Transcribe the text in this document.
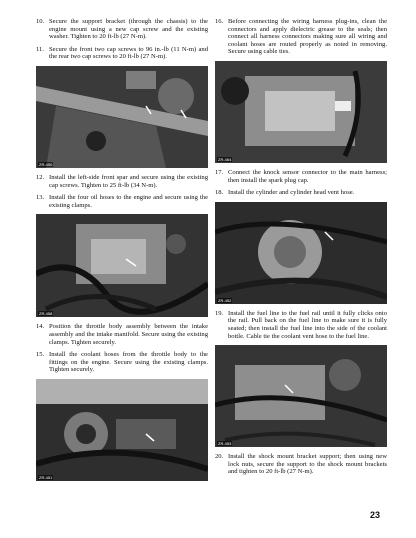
10. Secure the support bracket (through the chassis) to the engine mount using a new cap screw and the existing washer. Tighten to 20 ft-lb (27 N-m).
11. Secure the front two cap screws to 96 in.-lb (11 N-m) and the rear two cap screws to 20 ft-lb (27 N-m).
ZR-450
12. Install the left-side front spar and secure using the existing cap screws. Tighten to 25 ft-lb (34 N-m).
13. Install the four oil hoses to the engine and secure using the existing clamps.
ZR-458
14. Position the throttle body assembly between the intake assembly and the intake manifold. Secure using the existing clamps. Tighten securely.
15. Install the coolant hoses from the throttle body to the fittings on the engine. Secure using the existing clamps. Tighten securely.
ZR-451
16. Before connecting the wiring harness plug-ins, clean the connectors and apply dielectric grease to the seals; then connect all harness connectors making sure all wiring and coolant hoses are routed properly as noted in removing. Secure using cable ties.
ZR-464
17. Connect the knock sensor connector to the main harness; then install the spark plug cap.
18. Install the cylinder and cylinder head vent hose.
ZR-452
19. Install the fuel line to the fuel rail until it fully clicks onto the rail. Pull back on the fuel line to make sure it is fully seated; then install the fuel line into the side of the coolant bottle. Cable tie the coolant vent hose to the fuel line.
ZR-453
20. Install the shock mount bracket support; then using new lock nuts, secure the support to the shock mount brackets and tighten to 20 ft-lb (27 N-m).
23
